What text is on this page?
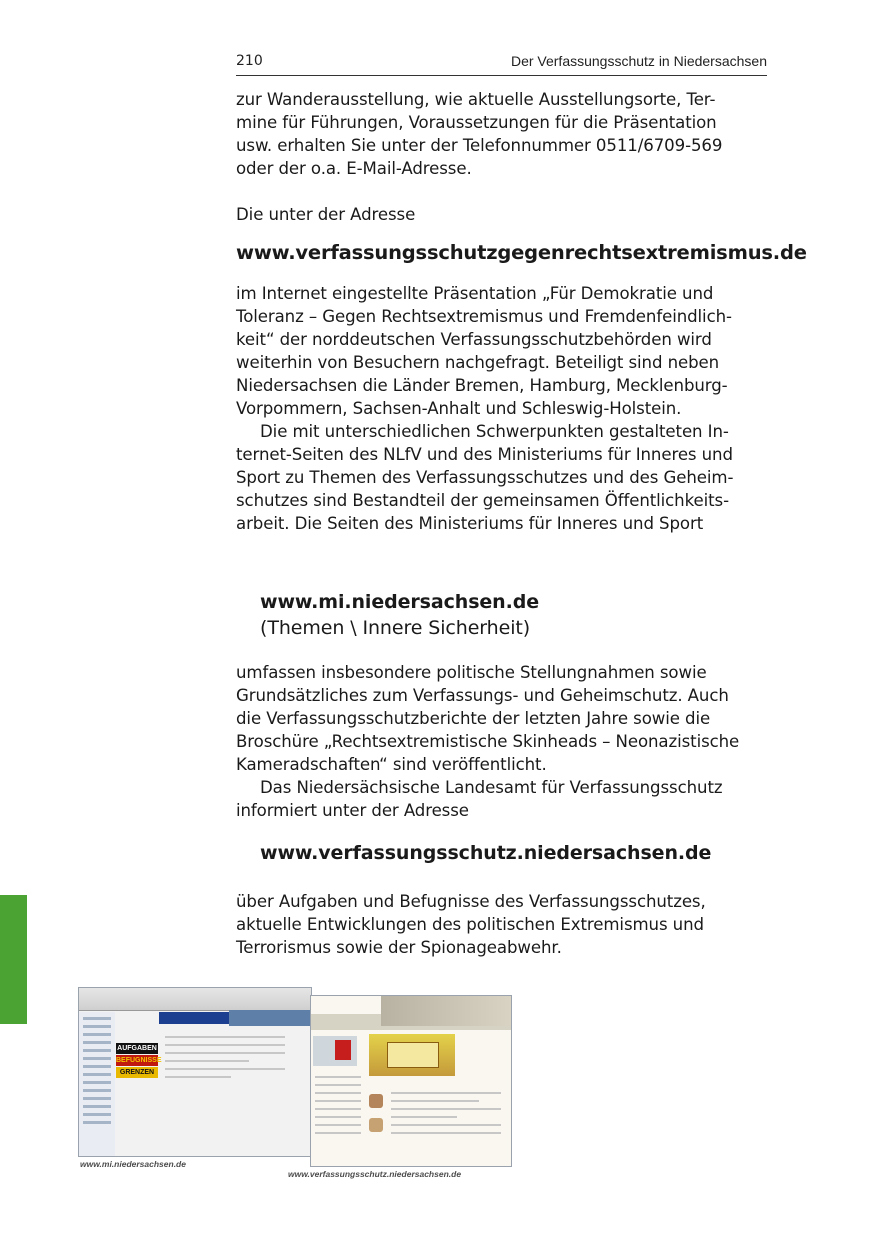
210	Der Verfassungsschutz in Niedersachsen
zur Wanderausstellung, wie aktuelle Ausstellungsorte, Ter-
mine für Führungen, Voraussetzungen für die Präsentation
usw. erhalten Sie unter der Telefonnummer 0511/6709-569
oder der o.a. E-Mail-Adresse.
Die unter der Adresse
www.verfassungsschutzgegenrechtsextremismus.de
im Internet eingestellte Präsentation „Für Demokratie und
Toleranz – Gegen Rechtsextremismus und Fremdenfeindlich-
keit“ der norddeutschen Verfassungsschutzbehörden wird
weiterhin von Besuchern nachgefragt. Beteiligt sind neben
Niedersachsen die Länder Bremen, Hamburg, Mecklenburg-
Vorpommern, Sachsen-Anhalt und Schleswig-Holstein.
Die mit unterschiedlichen Schwerpunkten gestalteten In-
ternet-Seiten des NLfV und des Ministeriums für Inneres und
Sport zu Themen des Verfassungsschutzes und des Geheim-
schutzes sind Bestandteil der gemeinsamen Öffentlichkeits-
arbeit. Die Seiten des Ministeriums für Inneres und Sport
www.mi.niedersachsen.de
(Themen \ Innere Sicherheit)
umfassen insbesondere politische Stellungnahmen sowie
Grundsätzliches zum Verfassungs- und Geheimschutz. Auch
die Verfassungsschutzberichte der letzten Jahre sowie die
Broschüre „Rechtsextremistische Skinheads – Neonazistische
Kameradschaften“ sind veröffentlicht.
Das Niedersächsische Landesamt für Verfassungsschutz
informiert unter der Adresse
www.verfassungsschutz.niedersachsen.de
über Aufgaben und Befugnisse des Verfassungsschutzes,
aktuelle Entwicklungen des politischen Extremismus und
Terrorismus sowie der Spionageabwehr.
AUFGABEN
BEFUGNISSE
GRENZEN
www.mi.niedersachsen.de
www.verfassungsschutz.niedersachsen.de
